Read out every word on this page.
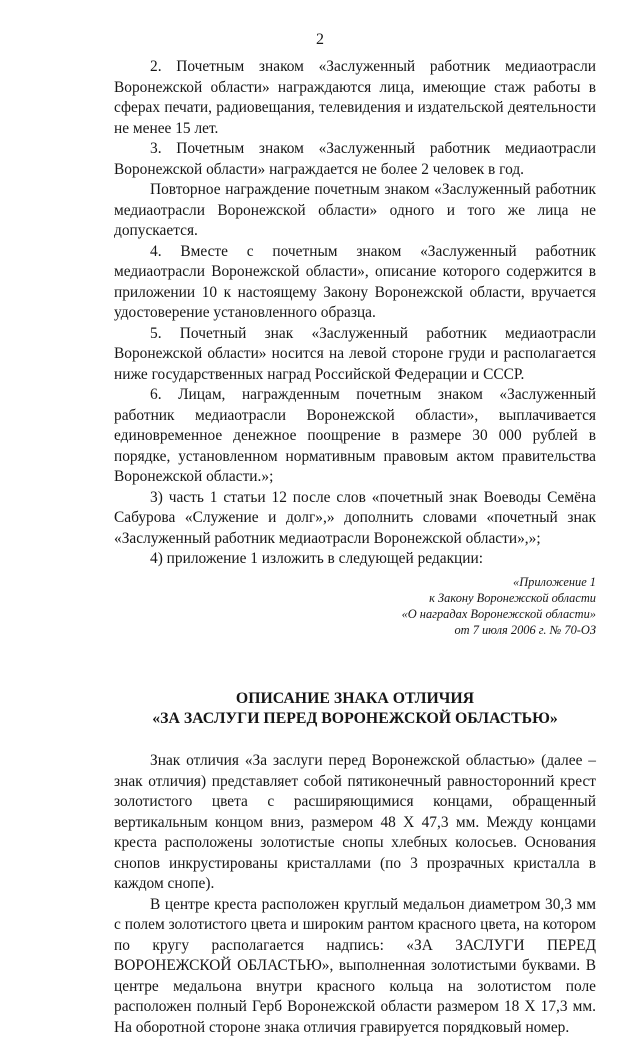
2

2. Почетным знаком «Заслуженный работник медиаотрасли Воронежской области» награждаются лица, имеющие стаж работы в сферах печати, радиовещания, телевидения и издательской деятельности не менее 15 лет.

3. Почетным знаком «Заслуженный работник медиаотрасли Воронежской области» награждается не более 2 человек в год.

Повторное награждение почетным знаком «Заслуженный работник медиаотрасли Воронежской области» одного и того же лица не допускается.

4. Вместе с почетным знаком «Заслуженный работник медиаотрасли Воронежской области», описание которого содержится в приложении 10 к настоящему Закону Воронежской области, вручается удостоверение установленного образца.

5. Почетный знак «Заслуженный работник медиаотрасли Воронежской области» носится на левой стороне груди и располагается ниже государственных наград Российской Федерации и СССР.

6. Лицам, награжденным почетным знаком «Заслуженный работник медиаотрасли Воронежской области», выплачивается единовременное денежное поощрение в размере 30 000 рублей в порядке, установленном нормативным правовым актом правительства Воронежской области.»;

3) часть 1 статьи 12 после слов «почетный знак Воеводы Семёна Сабурова «Служение и долг»,» дополнить словами «почетный знак «Заслуженный работник медиаотрасли Воронежской области»,»;

4) приложение 1 изложить в следующей редакции:

«Приложение 1
к Закону Воронежской области
«О наградах Воронежской области»
от 7 июля 2006 г. № 70-ОЗ
ОПИСАНИЕ ЗНАКА ОТЛИЧИЯ
«ЗА ЗАСЛУГИ ПЕРЕД ВОРОНЕЖСКОЙ ОБЛАСТЬЮ»

Знак отличия «За заслуги перед Воронежской областью» (далее – знак отличия) представляет собой пятиконечный равносторонний крест золотистого цвета с расширяющимися концами, обращенный вертикальным концом вниз, размером 48 Х 47,3 мм. Между концами креста расположены золотистые снопы хлебных колосьев. Основания снопов инкрустированы кристаллами (по 3 прозрачных кристалла в каждом снопе).

В центре креста расположен круглый медальон диаметром 30,3 мм с полем золотистого цвета и широким рантом красного цвета, на котором по кругу располагается надпись: «ЗА ЗАСЛУГИ ПЕРЕД ВОРОНЕЖСКОЙ ОБЛАСТЬЮ», выполненная золотистыми буквами. В центре медальона внутри красного кольца на золотистом поле расположен полный Герб Воронежской области размером 18 Х 17,3 мм. На оборотной стороне знака отличия гравируется порядковый номер.
